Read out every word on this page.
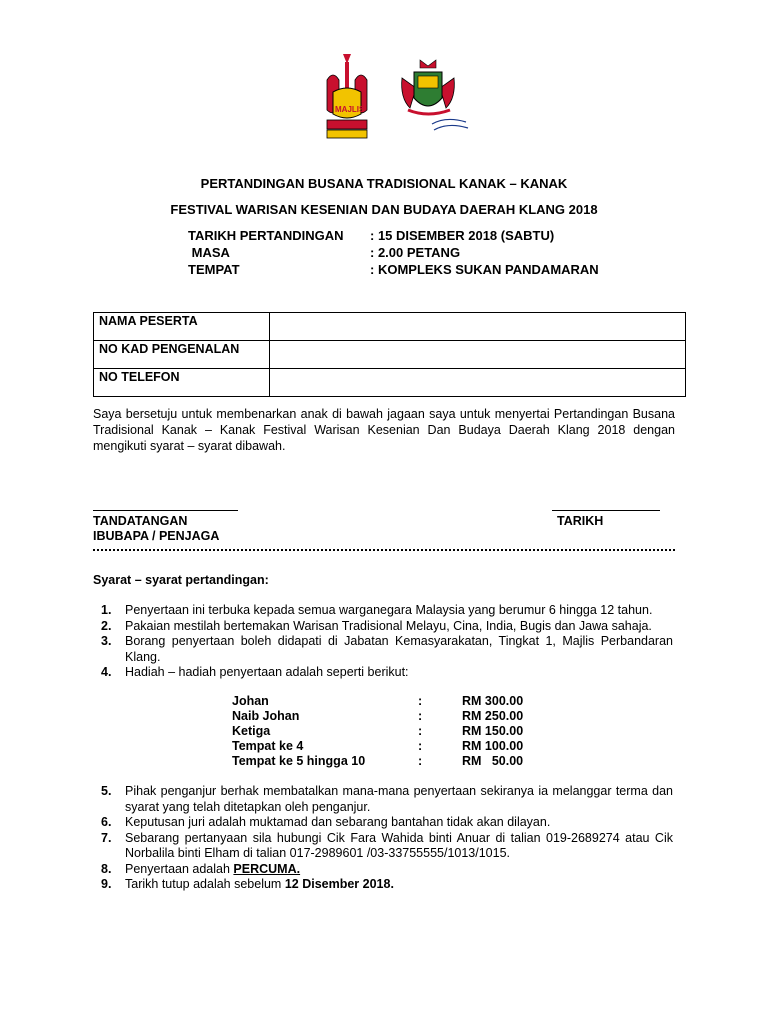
MAJLIS
PERTANDINGAN BUSANA TRADISIONAL KANAK – KANAK
FESTIVAL WARISAN KESENIAN DAN BUDAYA DAERAH KLANG 2018
TARIKH PERTANDINGAN : 15 DISEMBER 2018 (SABTU)
MASA	: 2.00 PETANG
TEMPAT	: KOMPLEKS SUKAN PANDAMARAN
NAMA PESERTA	
NO KAD PENGENALAN	
NO TELEFON	
Saya bersetuju untuk membenarkan anak di bawah jagaan saya untuk menyertai Pertandingan Busana Tradisional Kanak – Kanak Festival Warisan Kesenian Dan Budaya Daerah Klang 2018 dengan mengikuti syarat – syarat dibawah.
TANDATANGAN
IBUBAPA / PENJAGA
TARIKH
Syarat – syarat pertandingan:
1. Penyertaan ini terbuka kepada semua warganegara Malaysia yang berumur 6 hingga 12 tahun.
2. Pakaian mestilah bertemakan Warisan Tradisional Melayu, Cina, India, Bugis dan Jawa sahaja.
3. Borang penyertaan boleh didapati di Jabatan Kemasyarakatan, Tingkat 1, Majlis Perbandaran Klang.
4. Hadiah – hadiah penyertaan adalah seperti berikut:
Johan	:	RM 300.00
Naib Johan	:	RM 250.00
Ketiga	:	RM 150.00
Tempat ke 4	:	RM 100.00
Tempat ke 5 hingga 10	:	RM   50.00
5. Pihak penganjur berhak membatalkan mana-mana penyertaan sekiranya ia melanggar terma dan syarat yang telah ditetapkan oleh penganjur.
6. Keputusan juri adalah muktamad dan sebarang bantahan tidak akan dilayan.
7. Sebarang pertanyaan sila hubungi Cik Fara Wahida binti Anuar di talian 019-2689274 atau Cik Norbalila binti Elham di talian 017-2989601 /03-33755555/1013/1015.
8. Penyertaan adalah PERCUMA.
9. Tarikh tutup adalah sebelum 12 Disember 2018.
